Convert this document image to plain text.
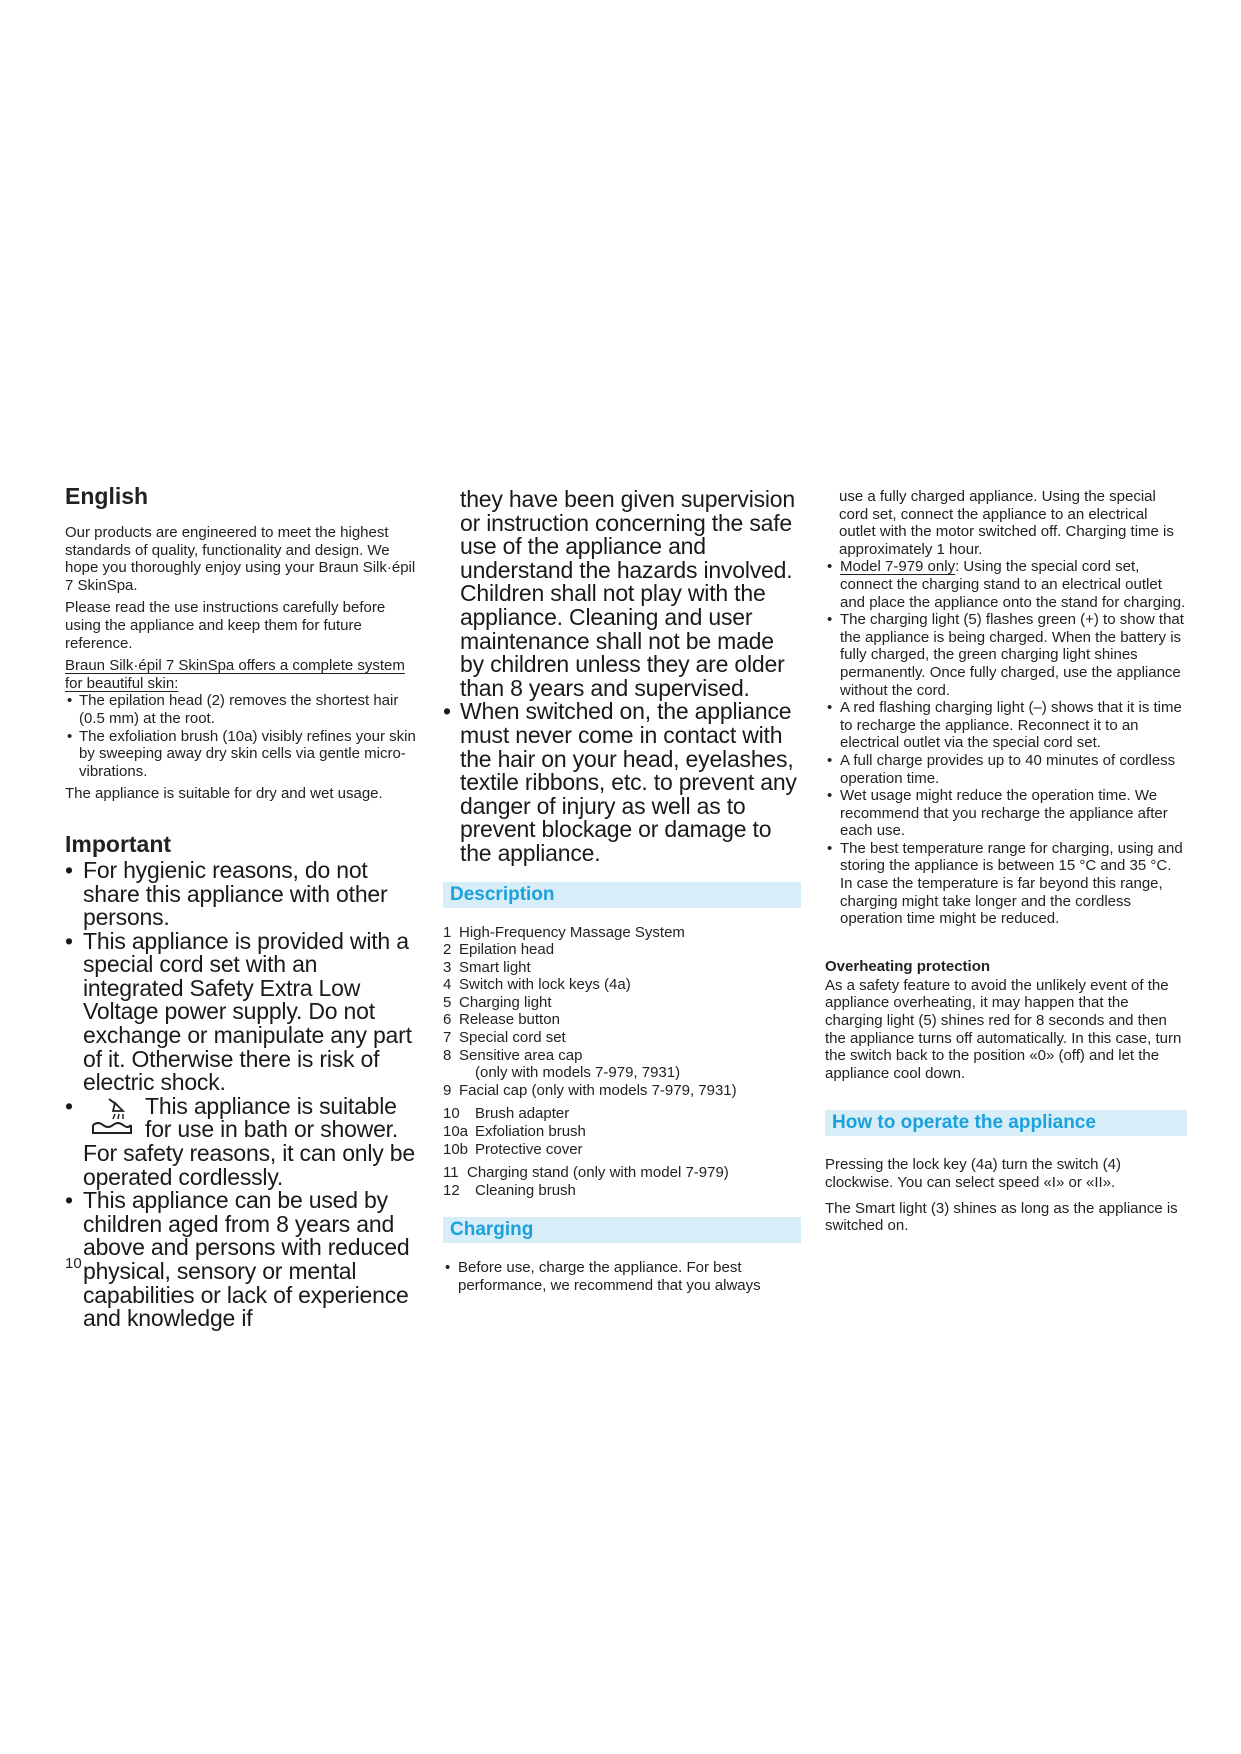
English

Our products are engineered to meet the highest standards of quality, functionality and design. We hope you thoroughly enjoy using your Braun Silk·épil 7 SkinSpa.

Please read the use instructions carefully before using the appliance and keep them for future reference.

Braun Silk·épil 7 SkinSpa offers a complete system for beautiful skin:

• The epilation head (2) removes the shortest hair (0.5 mm) at the root.
• The exfoliation brush (10a) visibly refines your skin by sweeping away dry skin cells via gentle micro-vibrations.

The appliance is suitable for dry and wet usage.

Important
• For hygienic reasons, do not share this appliance with other persons.
• This appliance is provided with a special cord set with an integrated Safety Extra Low Voltage power supply. Do not exchange or manipulate any part of it. Otherwise there is risk of electric shock.
• This appliance is suitable for use in bath or shower.
For safety reasons, it can only be operated cordlessly.
• This appliance can be used by children aged from 8 years and above and persons with reduced physical, sensory or mental capabilities or lack of experience and knowledge if
10
they have been given supervision or instruction concerning the safe use of the appliance and understand the hazards involved. Children shall not play with the appliance. Cleaning and user maintenance shall not be made by children unless they are older than 8 years and supervised.
• When switched on, the appliance must never come in contact with the hair on your head, eyelashes, textile ribbons, etc. to prevent any danger of injury as well as to prevent blockage or damage to the appliance.
Description
1 High-Frequency Massage System
2 Epilation head
3 Smart light
4 Switch with lock keys (4a)
5 Charging light
6 Release button
7 Special cord set
8 Sensitive area cap
(only with models 7-979, 7931)
9 Facial cap (only with models 7-979, 7931)
10	Brush adapter
10a Exfoliation brush
10b Protective cover
11 Charging stand (only with model 7-979)
12	Cleaning brush
Charging
• Before use, charge the appliance. For best performance, we recommend that you always
use a fully charged appliance. Using the special cord set, connect the appliance to an electrical outlet with the motor switched off. Charging time is approximately 1 hour.
• Model 7-979 only: Using the special cord set, connect the charging stand to an electrical outlet and place the appliance onto the stand for charging.
• The charging light (5) flashes green (+) to show that the appliance is being charged. When the battery is fully charged, the green charging light shines permanently. Once fully charged, use the appliance without the cord.
• A red flashing charging light (–) shows that it is time to recharge the appliance. Reconnect it to an electrical outlet via the special cord set.
• A full charge provides up to 40 minutes of cordless operation time.
• Wet usage might reduce the operation time. We recommend that you recharge the appliance after each use.
• The best temperature range for charging, using and storing the appliance is between 15 °C and 35 °C. In case the temperature is far beyond this range, charging might take longer and the cordless operation time might be reduced.
Overheating protection
As a safety feature to avoid the unlikely event of the appliance overheating, it may happen that the charging light (5) shines red for 8 seconds and then the appliance turns off automatically. In this case, turn the switch back to the position «0» (off) and let the appliance cool down.
How to operate the appliance

Pressing the lock key (4a) turn the switch (4) clockwise. You can select speed «I» or «II».

The Smart light (3) shines as long as the appliance is switched on.
